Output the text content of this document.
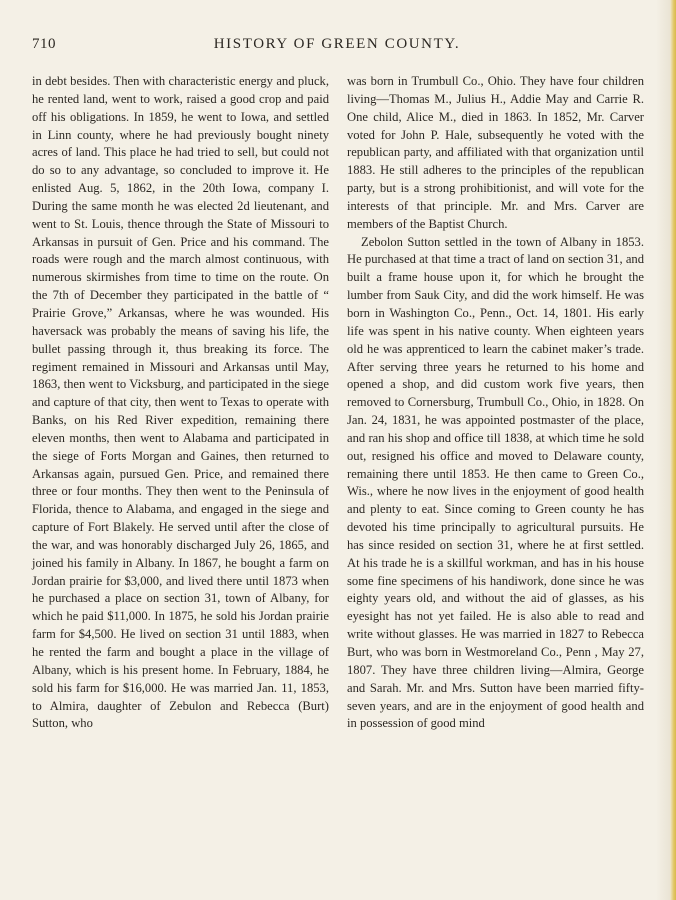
710	HISTORY OF GREEN COUNTY.

in debt besides. Then with characteristic energy and pluck, he rented land, went to work, raised a good crop and paid off his obligations. In 1859, he went to Iowa, and settled in Linn county, where he had previously bought ninety acres of land. This place he had tried to sell, but could not do so to any advantage, so concluded to improve it. He enlisted Aug. 5, 1862, in the 20th Iowa, company I. During the same month he was elected 2d lieutenant, and went to St. Louis, thence through the State of Missouri to Arkansas in pursuit of Gen. Price and his command. The roads were rough and the march almost continuous, with numerous skirmishes from time to time on the route. On the 7th of December they participated in the battle of “ Prairie Grove,” Arkansas, where he was wounded. His haversack was probably the means of saving his life, the bullet passing through it, thus breaking its force. The regiment remained in Missouri and Arkansas until May, 1863, then went to Vicksburg, and participated in the siege and capture of that city, then went to Texas to operate with Banks, on his Red River expedition, remaining there eleven months, then went to Alabama and participated in the siege of Forts Morgan and Gaines, then returned to Arkansas again, pursued Gen. Price, and remained there three or four months. They then went to the Peninsula of Florida, thence to Alabama, and engaged in the siege and capture of Fort Blakely. He served until after the close of the war, and was honorably discharged July 26, 1865, and joined his family in Albany. In 1867, he bought a farm on Jordan prairie for $3,000, and lived there until 1873 when he purchased a place on section 31, town of Albany, for which he paid $11,000. In 1875, he sold his Jordan prairie farm for $4,500. He lived on section 31 until 1883, when he rented the farm and bought a place in the village of Albany, which is his present home. In February, 1884, he sold his farm for $16,000. He was married Jan. 11, 1853, to Almira, daughter of Zebulon and Rebecca (Burt) Sutton, who

was born in Trumbull Co., Ohio. They have four children living—Thomas M., Julius H., Addie May and Carrie R. One child, Alice M., died in 1863. In 1852, Mr. Carver voted for John P. Hale, subsequently he voted with the republican party, and affiliated with that organization until 1883. He still adheres to the principles of the republican party, but is a strong prohibitionist, and will vote for the interests of that principle. Mr. and Mrs. Carver are members of the Baptist Church.

Zebolon Sutton settled in the town of Albany in 1853. He purchased at that time a tract of land on section 31, and built a frame house upon it, for which he brought the lumber from Sauk City, and did the work himself. He was born in Washington Co., Penn., Oct. 14, 1801. His early life was spent in his native county. When eighteen years old he was apprenticed to learn the cabinet maker’s trade. After serving three years he returned to his home and opened a shop, and did custom work five years, then removed to Cornersburg, Trumbull Co., Ohio, in 1828. On Jan. 24, 1831, he was appointed postmaster of the place, and ran his shop and office till 1838, at which time he sold out, resigned his office and moved to Delaware county, remaining there until 1853. He then came to Green Co., Wis., where he now lives in the enjoyment of good health and plenty to eat. Since coming to Green county he has devoted his time principally to agricultural pursuits. He has since resided on section 31, where he at first settled. At his trade he is a skillful workman, and has in his house some fine specimens of his handiwork, done since he was eighty years old, and without the aid of glasses, as his eyesight has not yet failed. He is also able to read and write without glasses. He was married in 1827 to Rebecca Burt, who was born in Westmoreland Co., Penn , May 27, 1807. They have three children living—Almira, George and Sarah. Mr. and Mrs. Sutton have been married fifty-seven years, and are in the enjoyment of good health and in possession of good mind
